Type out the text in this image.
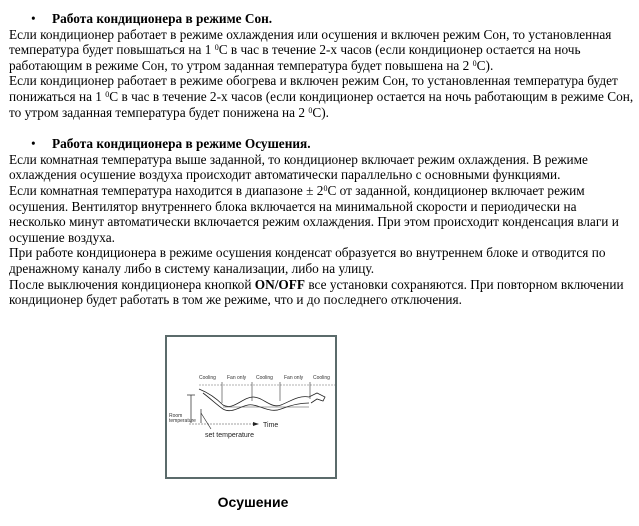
• Работа кондиционера в режиме Сон.

Если кондиционер работает в режиме охлаждения или осушения и включен режим Сон, то установленная температура будет повышаться на 1 $^0$C в час в течение 2-х часов (если кондиционер остается на ночь работающим в режиме Сон, то утром заданная температура будет повышена на 2 $^0$C).

Если кондиционер работает в режиме обогрева и включен режим Сон, то установленная температура будет понижаться на 1 $^0$C в час в течение 2-х часов (если кондиционер остается на ночь работающим в режиме Сон, то утром заданная температура будет понижена на 2 $^0$C).

• Работа кондиционера в режиме Осушения.

Если комнатная температура выше заданной, то кондиционер включает режим охлаждения. В режиме охлаждения осушение воздуха происходит автоматически параллельно с основными функциями.

Если комнатная температура находится в диапазоне ± $2^0C$ от заданной, кондиционер включает режим осушения. Вентилятор внутреннего блока включается на минимальной скорости и периодически на несколько минут автоматически включается режим охлаждения. При этом происходит конденсация влаги и осушение воздуха.

При работе кондиционера в режиме осушения конденсат образуется во внутреннем блоке и отводится по дренажному каналу либо в систему канализации, либо на улицу.

После выключения кондиционера кнопкой ON/OFF все установки сохраняются. При повторном включении кондиционер будет работать в том же режиме, что и до последнего отключения.

Cooling Fan only Cooling Fan only Cooling
Room
temperature
Time
set temperature
Осушение
